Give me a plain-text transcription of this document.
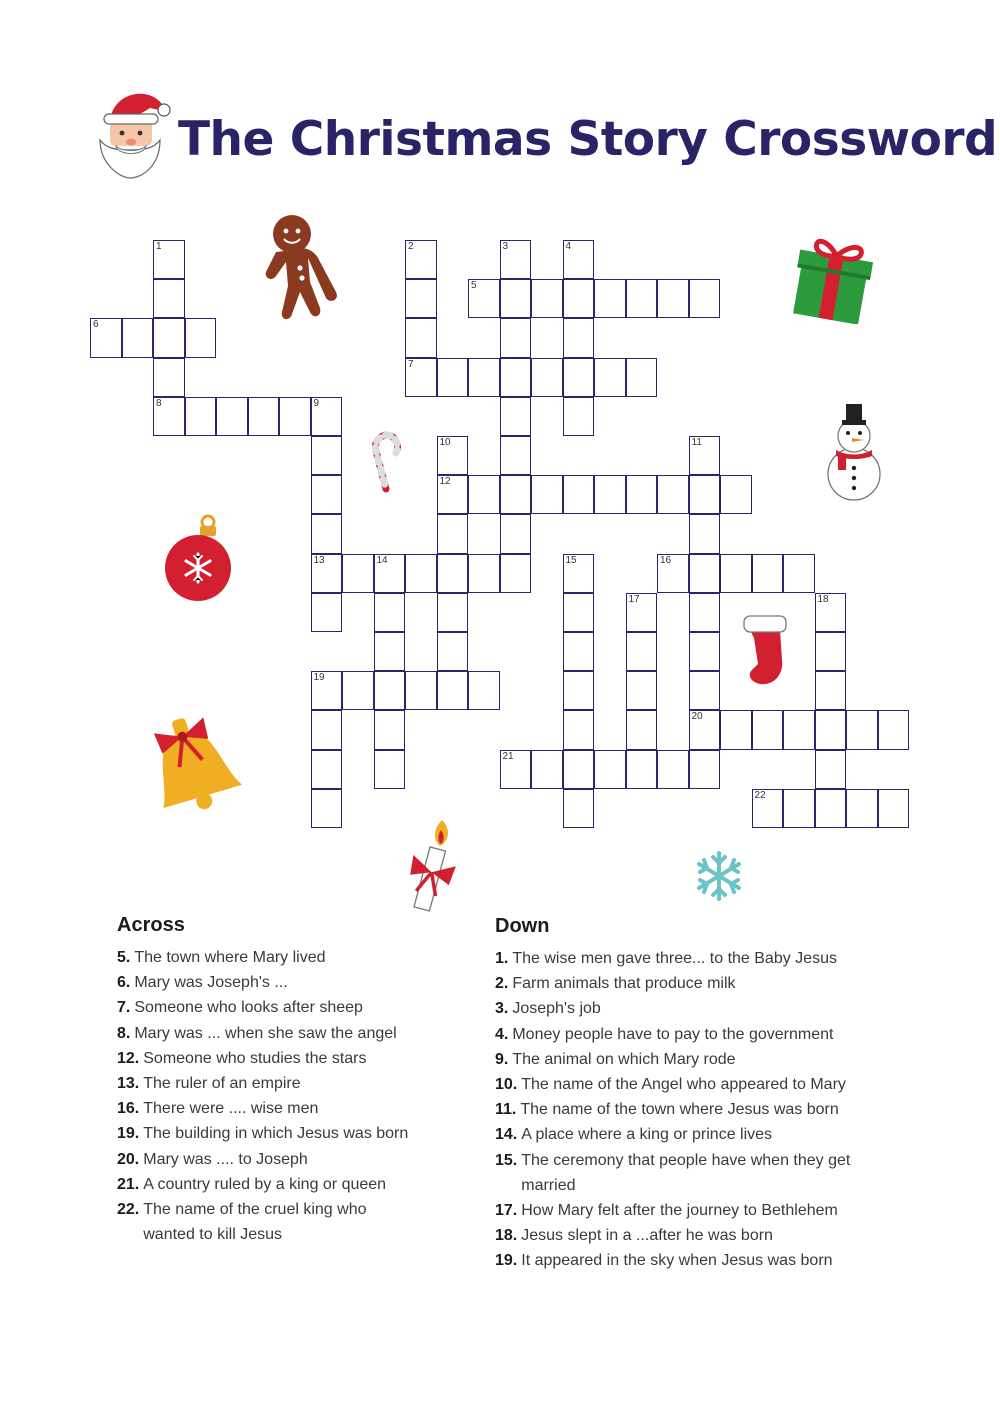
The Christmas Story Crossword
1
8
2
7
3	4
5
6
9
13
10
12
11
20
14	15	16
17	18
19
21
22
Across
5. The town where Mary lived
6. Mary was Joseph's ...
7. Someone who looks after sheep
8. Mary was ... when she saw the angel
12. Someone who studies the stars
13. The ruler of an empire
16. There were .... wise men
19. The building in which Jesus was born
20. Mary was .... to Joseph
21. A country ruled by a king or queen
22. The name of the cruel king who wanted to kill Jesus
Down
1. The wise men gave three... to the Baby Jesus
2. Farm animals that produce milk
3. Joseph's job
4. Money people have to pay to the government
9. The animal on which Mary rode
10. The name of the Angel who appeared to Mary
11. The name of the town where Jesus was born
14. A place where a king or prince lives
15. The ceremony that people have when they get married
17. How Mary felt after the journey to Bethlehem
18. Jesus slept in a ...after he was born
19. It appeared in the sky when Jesus was born
